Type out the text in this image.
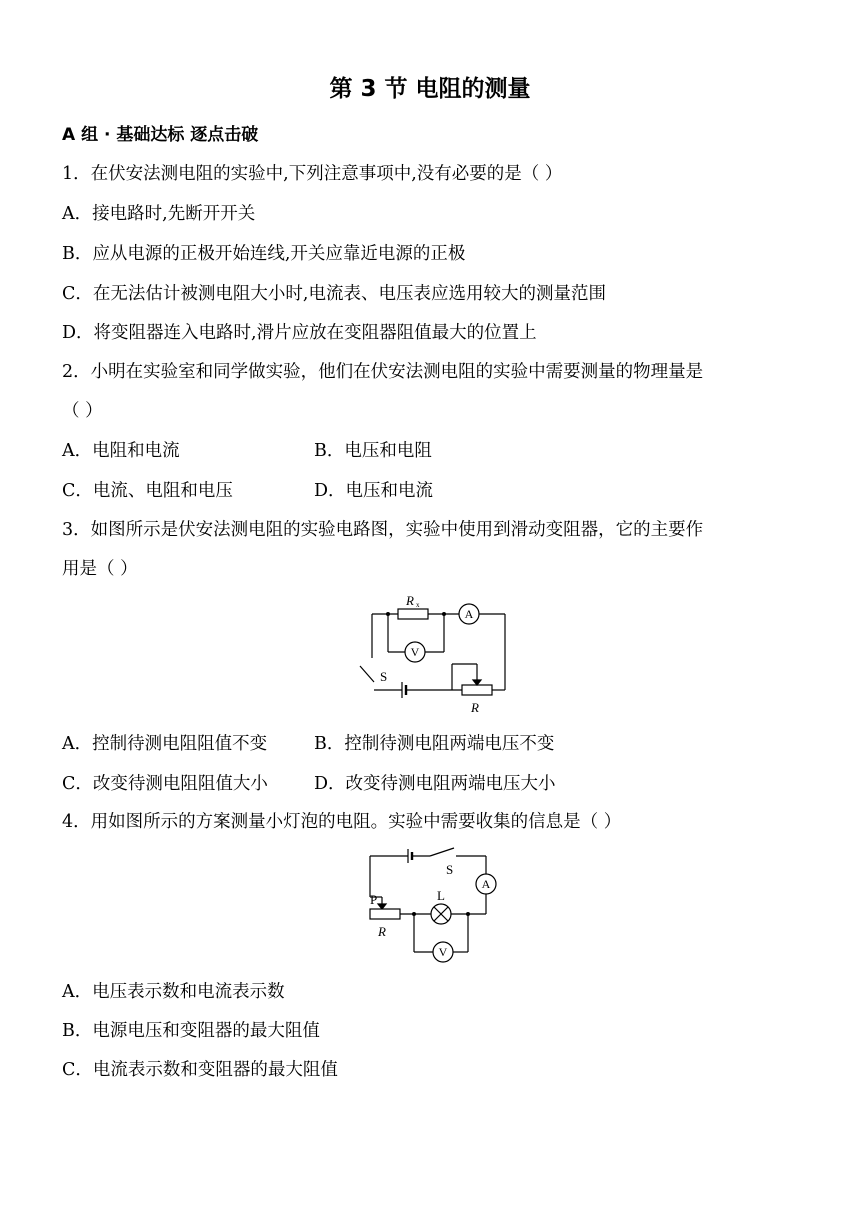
第 3 节 电阻的测量
A 组 · 基础达标 逐点击破
1．在伏安法测电阻的实验中,下列注意事项中,没有必要的是（ ）
A．接电路时,先断开开关
B．应从电源的正极开始连线,开关应靠近电源的正极
C．在无法估计被测电阻大小时,电流表、电压表应选用较大的测量范围
D．将变阻器连入电路时,滑片应放在变阻器阻值最大的位置上
2．小明在实验室和同学做实验，他们在伏安法测电阻的实验中需要测量的物理量是
（ ）
A．电阻和电流	B．电压和电阻
C．电流、电阻和电压	D．电压和电流
3．如图所示是伏安法测电阻的实验电路图，实验中使用到滑动变阻器，它的主要作
用是（ ）
R x
A
V
S
R
A．控制待测电阻阻值不变	B．控制待测电阻两端电压不变
C．改变待测电阻阻值大小	D．改变待测电阻两端电压大小
4．用如图所示的方案测量小灯泡的电阻。实验中需要收集的信息是（ ）
S
A
L
P
R
V
A．电压表示数和电流表示数
B．电源电压和变阻器的最大阻值
C．电流表示数和变阻器的最大阻值
